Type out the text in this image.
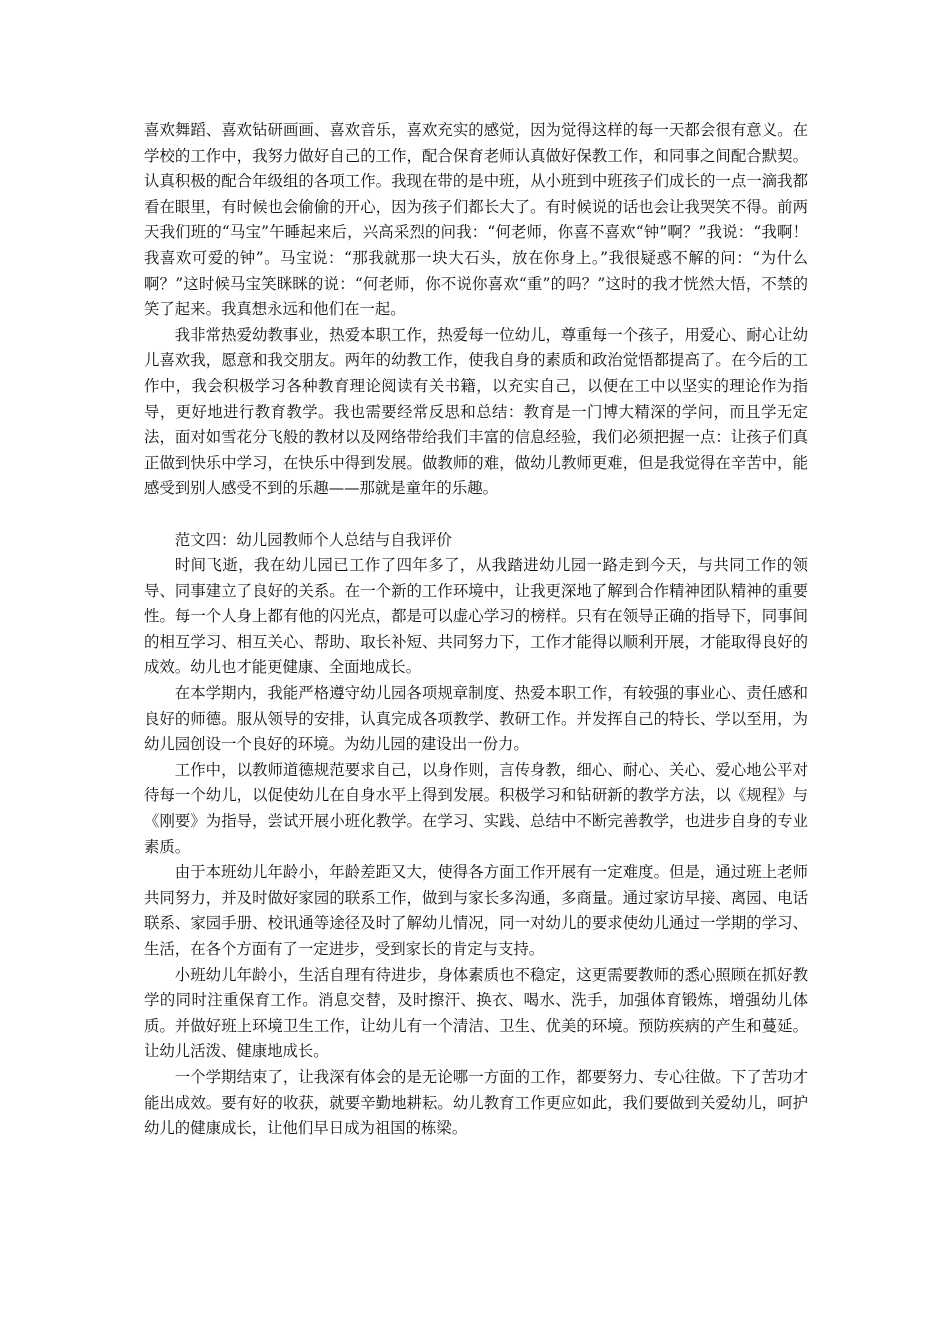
喜欢舞蹈、喜欢钻研画画、喜欢音乐，喜欢充实的感觉，因为觉得这样的每一天都会很有意义。在学校的工作中，我努力做好自己的工作，配合保育老师认真做好保教工作，和同事之间配合默契。认真积极的配合年级组的各项工作。我现在带的是中班，从小班到中班孩子们成长的一点一滴我都看在眼里，有时候也会偷偷的开心，因为孩子们都长大了。有时候说的话也会让我哭笑不得。前两天我们班的“马宝”午睡起来后，兴高采烈的问我：“何老师，你喜不喜欢“钟”啊？”我说：“我啊！我喜欢可爱的钟”。马宝说：“那我就那一块大石头，放在你身上。”我很疑惑不解的问：“为什么啊？”这时候马宝笑眯眯的说：“何老师，你不说你喜欢“重”的吗？”这时的我才恍然大悟，不禁的笑了起来。我真想永远和他们在一起。

我非常热爱幼教事业，热爱本职工作，热爱每一位幼儿，尊重每一个孩子，用爱心、耐心让幼儿喜欢我，愿意和我交朋友。两年的幼教工作，使我自身的素质和政治觉悟都提高了。在今后的工作中，我会积极学习各种教育理论阅读有关书籍，以充实自己，以便在工中以坚实的理论作为指导，更好地进行教育教学。我也需要经常反思和总结：教育是一门博大精深的学问，而且学无定法，面对如雪花分飞般的教材以及网络带给我们丰富的信息经验，我们必须把握一点：让孩子们真正做到快乐中学习，在快乐中得到发展。做教师的难，做幼儿教师更难，但是我觉得在辛苦中，能感受到别人感受不到的乐趣——那就是童年的乐趣。

范文四：幼儿园教师个人总结与自我评价

时间飞逝，我在幼儿园已工作了四年多了，从我踏进幼儿园一路走到今天，与共同工作的领导、同事建立了良好的关系。在一个新的工作环境中，让我更深地了解到合作精神团队精神的重要性。每一个人身上都有他的闪光点，都是可以虚心学习的榜样。只有在领导正确的指导下，同事间的相互学习、相互关心、帮助、取长补短、共同努力下，工作才能得以顺利开展，才能取得良好的成效。幼儿也才能更健康、全面地成长。

在本学期内，我能严格遵守幼儿园各项规章制度、热爱本职工作，有较强的事业心、责任感和良好的师德。服从领导的安排，认真完成各项教学、教研工作。并发挥自己的特长、学以至用，为幼儿园创设一个良好的环境。为幼儿园的建设出一份力。

工作中，以教师道德规范要求自己，以身作则，言传身教，细心、耐心、关心、爱心地公平对待每一个幼儿，以促使幼儿在自身水平上得到发展。积极学习和钻研新的教学方法，以《规程》与《刚要》为指导，尝试开展小班化教学。在学习、实践、总结中不断完善教学，也进步自身的专业素质。

由于本班幼儿年龄小，年龄差距又大，使得各方面工作开展有一定难度。但是，通过班上老师共同努力，并及时做好家园的联系工作，做到与家长多沟通，多商量。通过家访早接、离园、电话联系、家园手册、校讯通等途径及时了解幼儿情况，同一对幼儿的要求使幼儿通过一学期的学习、生活，在各个方面有了一定进步，受到家长的肯定与支持。

小班幼儿年龄小，生活自理有待进步，身体素质也不稳定，这更需要教师的悉心照顾在抓好教学的同时注重保育工作。消息交替，及时擦汗、换衣、喝水、洗手，加强体育锻炼，增强幼儿体质。并做好班上环境卫生工作，让幼儿有一个清洁、卫生、优美的环境。预防疾病的产生和蔓延。让幼儿活泼、健康地成长。

一个学期结束了，让我深有体会的是无论哪一方面的工作，都要努力、专心往做。下了苦功才能出成效。要有好的收获，就要辛勤地耕耘。幼儿教育工作更应如此，我们要做到关爱幼儿，呵护幼儿的健康成长，让他们早日成为祖国的栋梁。
